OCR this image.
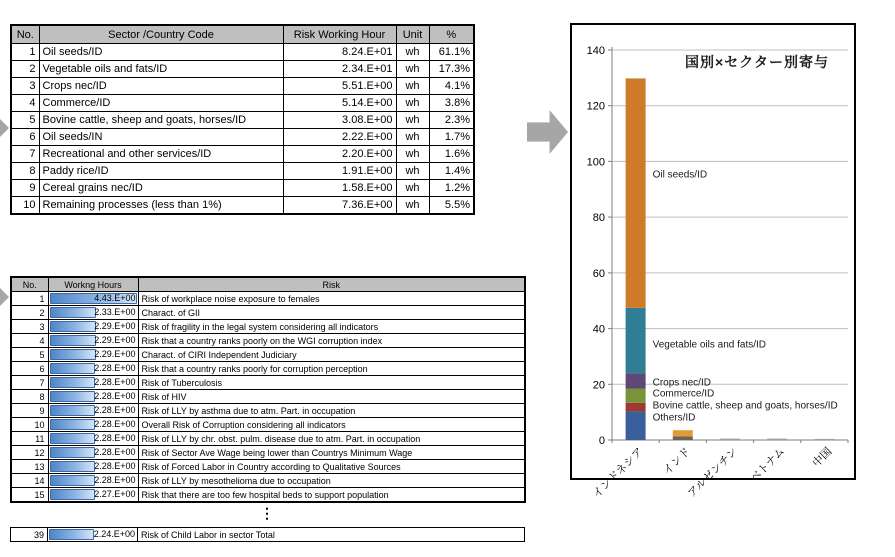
No.	Sector /Country Code	Risk Working Hour	Unit	%
1	Oil seeds/ID	8.24.E+01	wh	61.1%
2	Vegetable oils and fats/ID	2.34.E+01	wh	17.3%
3	Crops nec/ID	5.51.E+00	wh	4.1%
4	Commerce/ID	5.14.E+00	wh	3.8%
5	Bovine cattle, sheep and goats, horses/ID	3.08.E+00	wh	2.3%
6	Oil seeds/IN	2.22.E+00	wh	1.7%
7	Recreational and other services/ID	2.20.E+00	wh	1.6%
8	Paddy rice/ID	1.91.E+00	wh	1.4%
9	Cereal grains nec/ID	1.58.E+00	wh	1.2%
10	Remaining processes (less than 1%)	7.36.E+00	wh	5.5%
No.	Workng Hours	Risk
1	4.43.E+00	Risk of workplace noise exposure to females
2	2.33.E+00	Charact. of GII
3	2.29.E+00	Risk of fragility in the legal system considering all indicators
4	2.29.E+00	Risk that a country ranks poorly on the WGI corruption index
5	2.29.E+00	Charact. of CIRI Independent Judiciary
6	2.28.E+00	Risk that a country ranks poorly for corruption perception
7	2.28.E+00	Risk of Tuberculosis
8	2.28.E+00	Risk of HIV
9	2.28.E+00	Risk of LLY by asthma due to atm. Part. in occupation
10	2.28.E+00	Overall Risk of Corruption considering all indicators
11	2.28.E+00	Risk of LLY by chr. obst. pulm. disease due to atm. Part. in occupation
12	2.28.E+00	Risk of Sector Ave Wage being lower than Countrys Minimum Wage
13	2.28.E+00	Risk of Forced Labor in Country according to Qualitative Sources
14	2.28.E+00	Risk of LLY by mesothelioma due to occupation
15	2.27.E+00	Risk that there are too few hospital beds to support population
⋮
39	2.24.E+00	Risk of Child Labor in sector Total
0
20
40
60
80
100
120
140
インドネシア インド
アルゼンチン ベトナム 中国
Oil seeds/ID
Vegetable oils and fats/ID
Crops nec/ID
Commerce/ID
Bovine cattle, sheep and goats, horses/ID
Others/ID
国別×セクター別寄与
